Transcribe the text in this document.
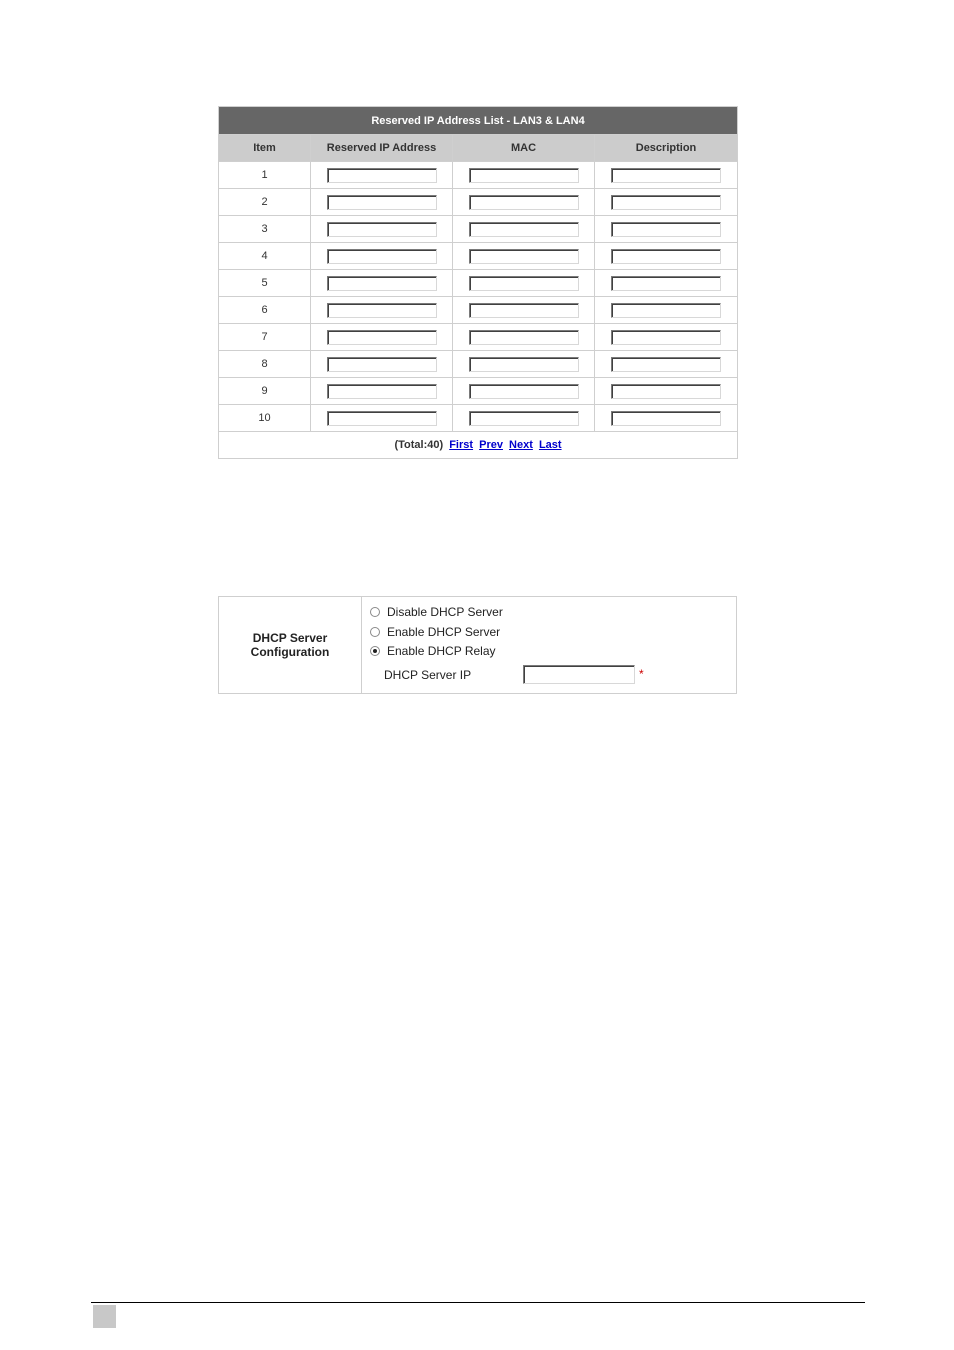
Reserved IP Address List - LAN3 & LAN4			
Item	Reserved IP Address	MAC	Description
1			
2			
3			
4			
5			
6			
7			
8			
9			
10			
(Total:40) First Prev Next Last			
DHCP Server
Configuration
Disable DHCP Server
Enable DHCP Server
Enable DHCP Relay
DHCP Server IP	*
